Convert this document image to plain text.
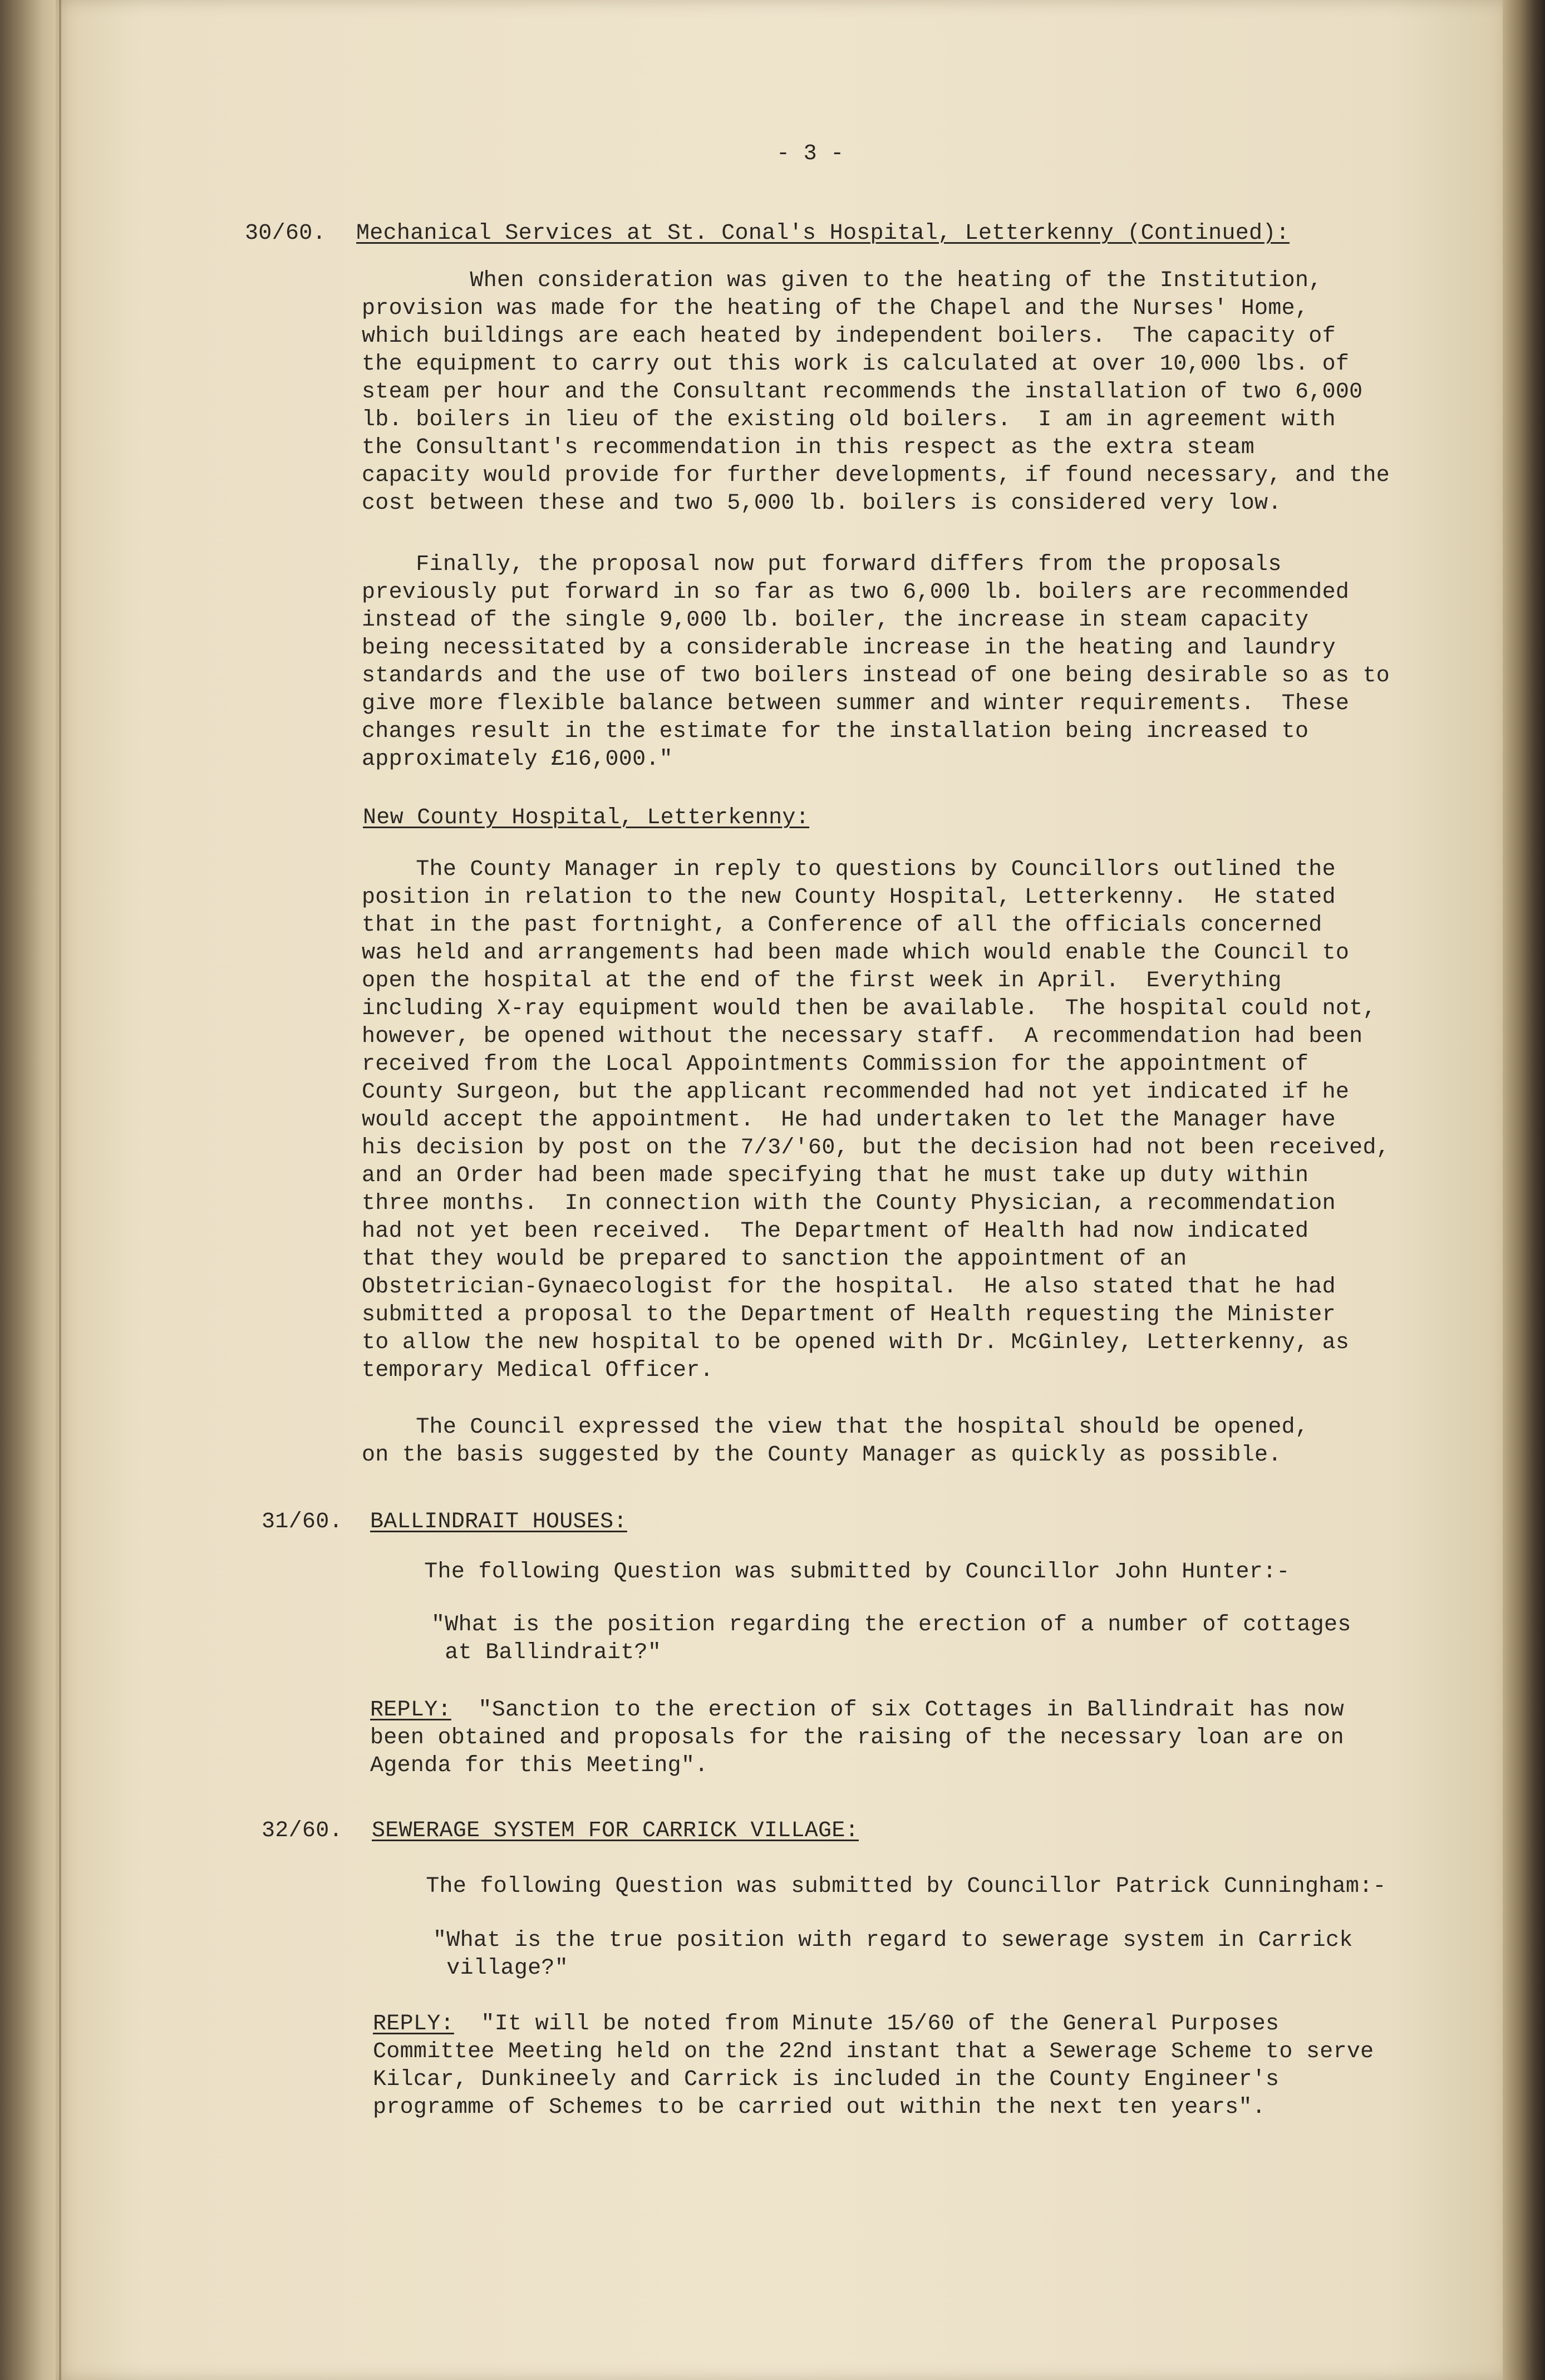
- 3 -
30/60. Mechanical Services at St. Conal's Hospital, Letterkenny (Continued):
When consideration was given to the heating of the Institution,
provision was made for the heating of the Chapel and the Nurses' Home,
which buildings are each heated by independent boilers.  The capacity of
the equipment to carry out this work is calculated at over 10,000 lbs. of
steam per hour and the Consultant recommends the installation of two 6,000
lb. boilers in lieu of the existing old boilers.  I am in agreement with
the Consultant's recommendation in this respect as the extra steam
capacity would provide for further developments, if found necessary, and the
cost between these and two 5,000 lb. boilers is considered very low.
Finally, the proposal now put forward differs from the proposals
previously put forward in so far as two 6,000 lb. boilers are recommended
instead of the single 9,000 lb. boiler, the increase in steam capacity
being necessitated by a considerable increase in the heating and laundry
standards and the use of two boilers instead of one being desirable so as to
give more flexible balance between summer and winter requirements.  These
changes result in the estimate for the installation being increased to
approximately £16,000."
New County Hospital, Letterkenny:
The County Manager in reply to questions by Councillors outlined the
position in relation to the new County Hospital, Letterkenny.  He stated
that in the past fortnight, a Conference of all the officials concerned
was held and arrangements had been made which would enable the Council to
open the hospital at the end of the first week in April.  Everything
including X-ray equipment would then be available.  The hospital could not,
however, be opened without the necessary staff.  A recommendation had been
received from the Local Appointments Commission for the appointment of
County Surgeon, but the applicant recommended had not yet indicated if he
would accept the appointment.  He had undertaken to let the Manager have
his decision by post on the 7/3/'60, but the decision had not been received,
and an Order had been made specifying that he must take up duty within
three months.  In connection with the County Physician, a recommendation
had not yet been received.  The Department of Health had now indicated
that they would be prepared to sanction the appointment of an
Obstetrician-Gynaecologist for the hospital.  He also stated that he had
submitted a proposal to the Department of Health requesting the Minister
to allow the new hospital to be opened with Dr. McGinley, Letterkenny, as
temporary Medical Officer.
The Council expressed the view that the hospital should be opened,
on the basis suggested by the County Manager as quickly as possible.
31/60. BALLINDRAIT HOUSES:
The following Question was submitted by Councillor John Hunter:-
"What is the position regarding the erection of a number of cottages
at Ballindrait?"
REPLY:  "Sanction to the erection of six Cottages in Ballindrait has now
been obtained and proposals for the raising of the necessary loan are on
Agenda for this Meeting".
32/60. SEWERAGE SYSTEM FOR CARRICK VILLAGE:
The following Question was submitted by Councillor Patrick Cunningham:-
"What is the true position with regard to sewerage system in Carrick
village?"
REPLY:  "It will be noted from Minute 15/60 of the General Purposes
Committee Meeting held on the 22nd instant that a Sewerage Scheme to serve
Kilcar, Dunkineely and Carrick is included in the County Engineer's
programme of Schemes to be carried out within the next ten years".
